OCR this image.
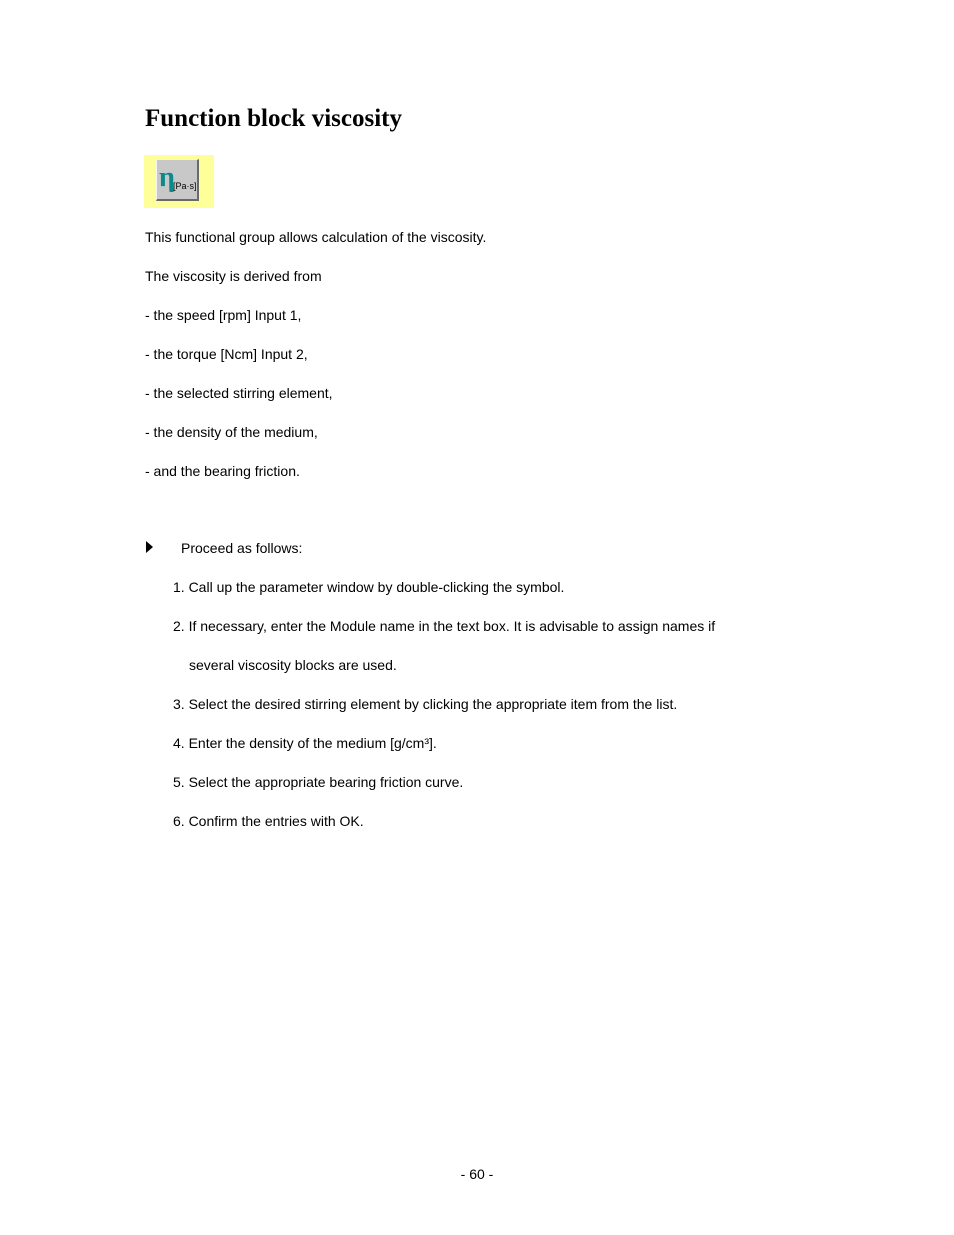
Function block viscosity
η
[Pa·s]

This functional group allows calculation of the viscosity.

The viscosity is derived from

- the speed [rpm] Input 1,

- the torque [Ncm] Input 2,

- the selected stirring element,

- the density of the medium,

- and the bearing friction.

Proceed as follows:

1. Call up the parameter window by double-clicking the symbol.

2. If necessary, enter the Module name in the text box. It is advisable to assign names if

several viscosity blocks are used.

3. Select the desired stirring element by clicking the appropriate item from the list.

4. Enter the density of the medium [g/cm³].

5. Select the appropriate bearing friction curve.

6. Confirm the entries with OK.

- 60 -
